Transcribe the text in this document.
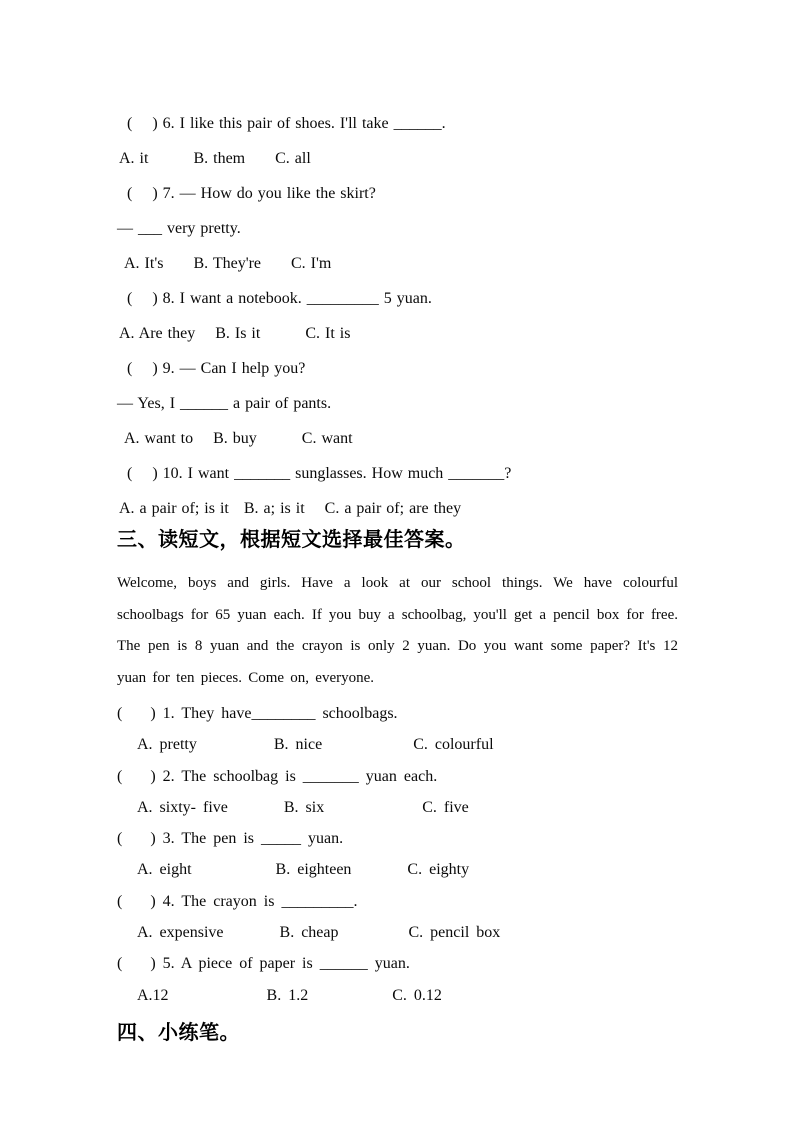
(    ) 6. I like this pair of shoes. I'll take ______.

A. it         B. them      C. all

(    ) 7. — How do you like the skirt?

— ___ very pretty.

A. It's      B. They're      C. I'm

(    ) 8. I want a notebook. _________ 5 yuan.

A. Are they    B. Is it         C. It is

(    ) 9. — Can I help you?

— Yes, I ______ a pair of pants.

A. want to    B. buy         C. want

(    ) 10. I want _______ sunglasses. How much _______?

A. a pair of; is it   B. a; is it    C. a pair of; are they

三、读短文，根据短文选择最佳答案。

Welcome, boys and girls. Have a look at our school things. We have colourful schoolbags for 65 yuan each. If you buy a schoolbag, you'll get a pencil box for free. The pen is 8 yuan and the crayon is only 2 yuan. Do you want some paper? It's 12 yuan for ten pieces. Come on, everyone.

(    ) 1. They have________ schoolbags.

A. pretty           B. nice             C. colourful

(    ) 2. The schoolbag is _______ yuan each.

A. sixty- five        B. six              C. five

(    ) 3. The pen is _____ yuan.

A. eight            B. eighteen        C. eighty

(    ) 4. The crayon is _________.

A. expensive        B. cheap          C. pencil box

(    ) 5. A piece of paper is ______ yuan.

A.12              B. 1.2            C. 0.12

四、小练笔。
